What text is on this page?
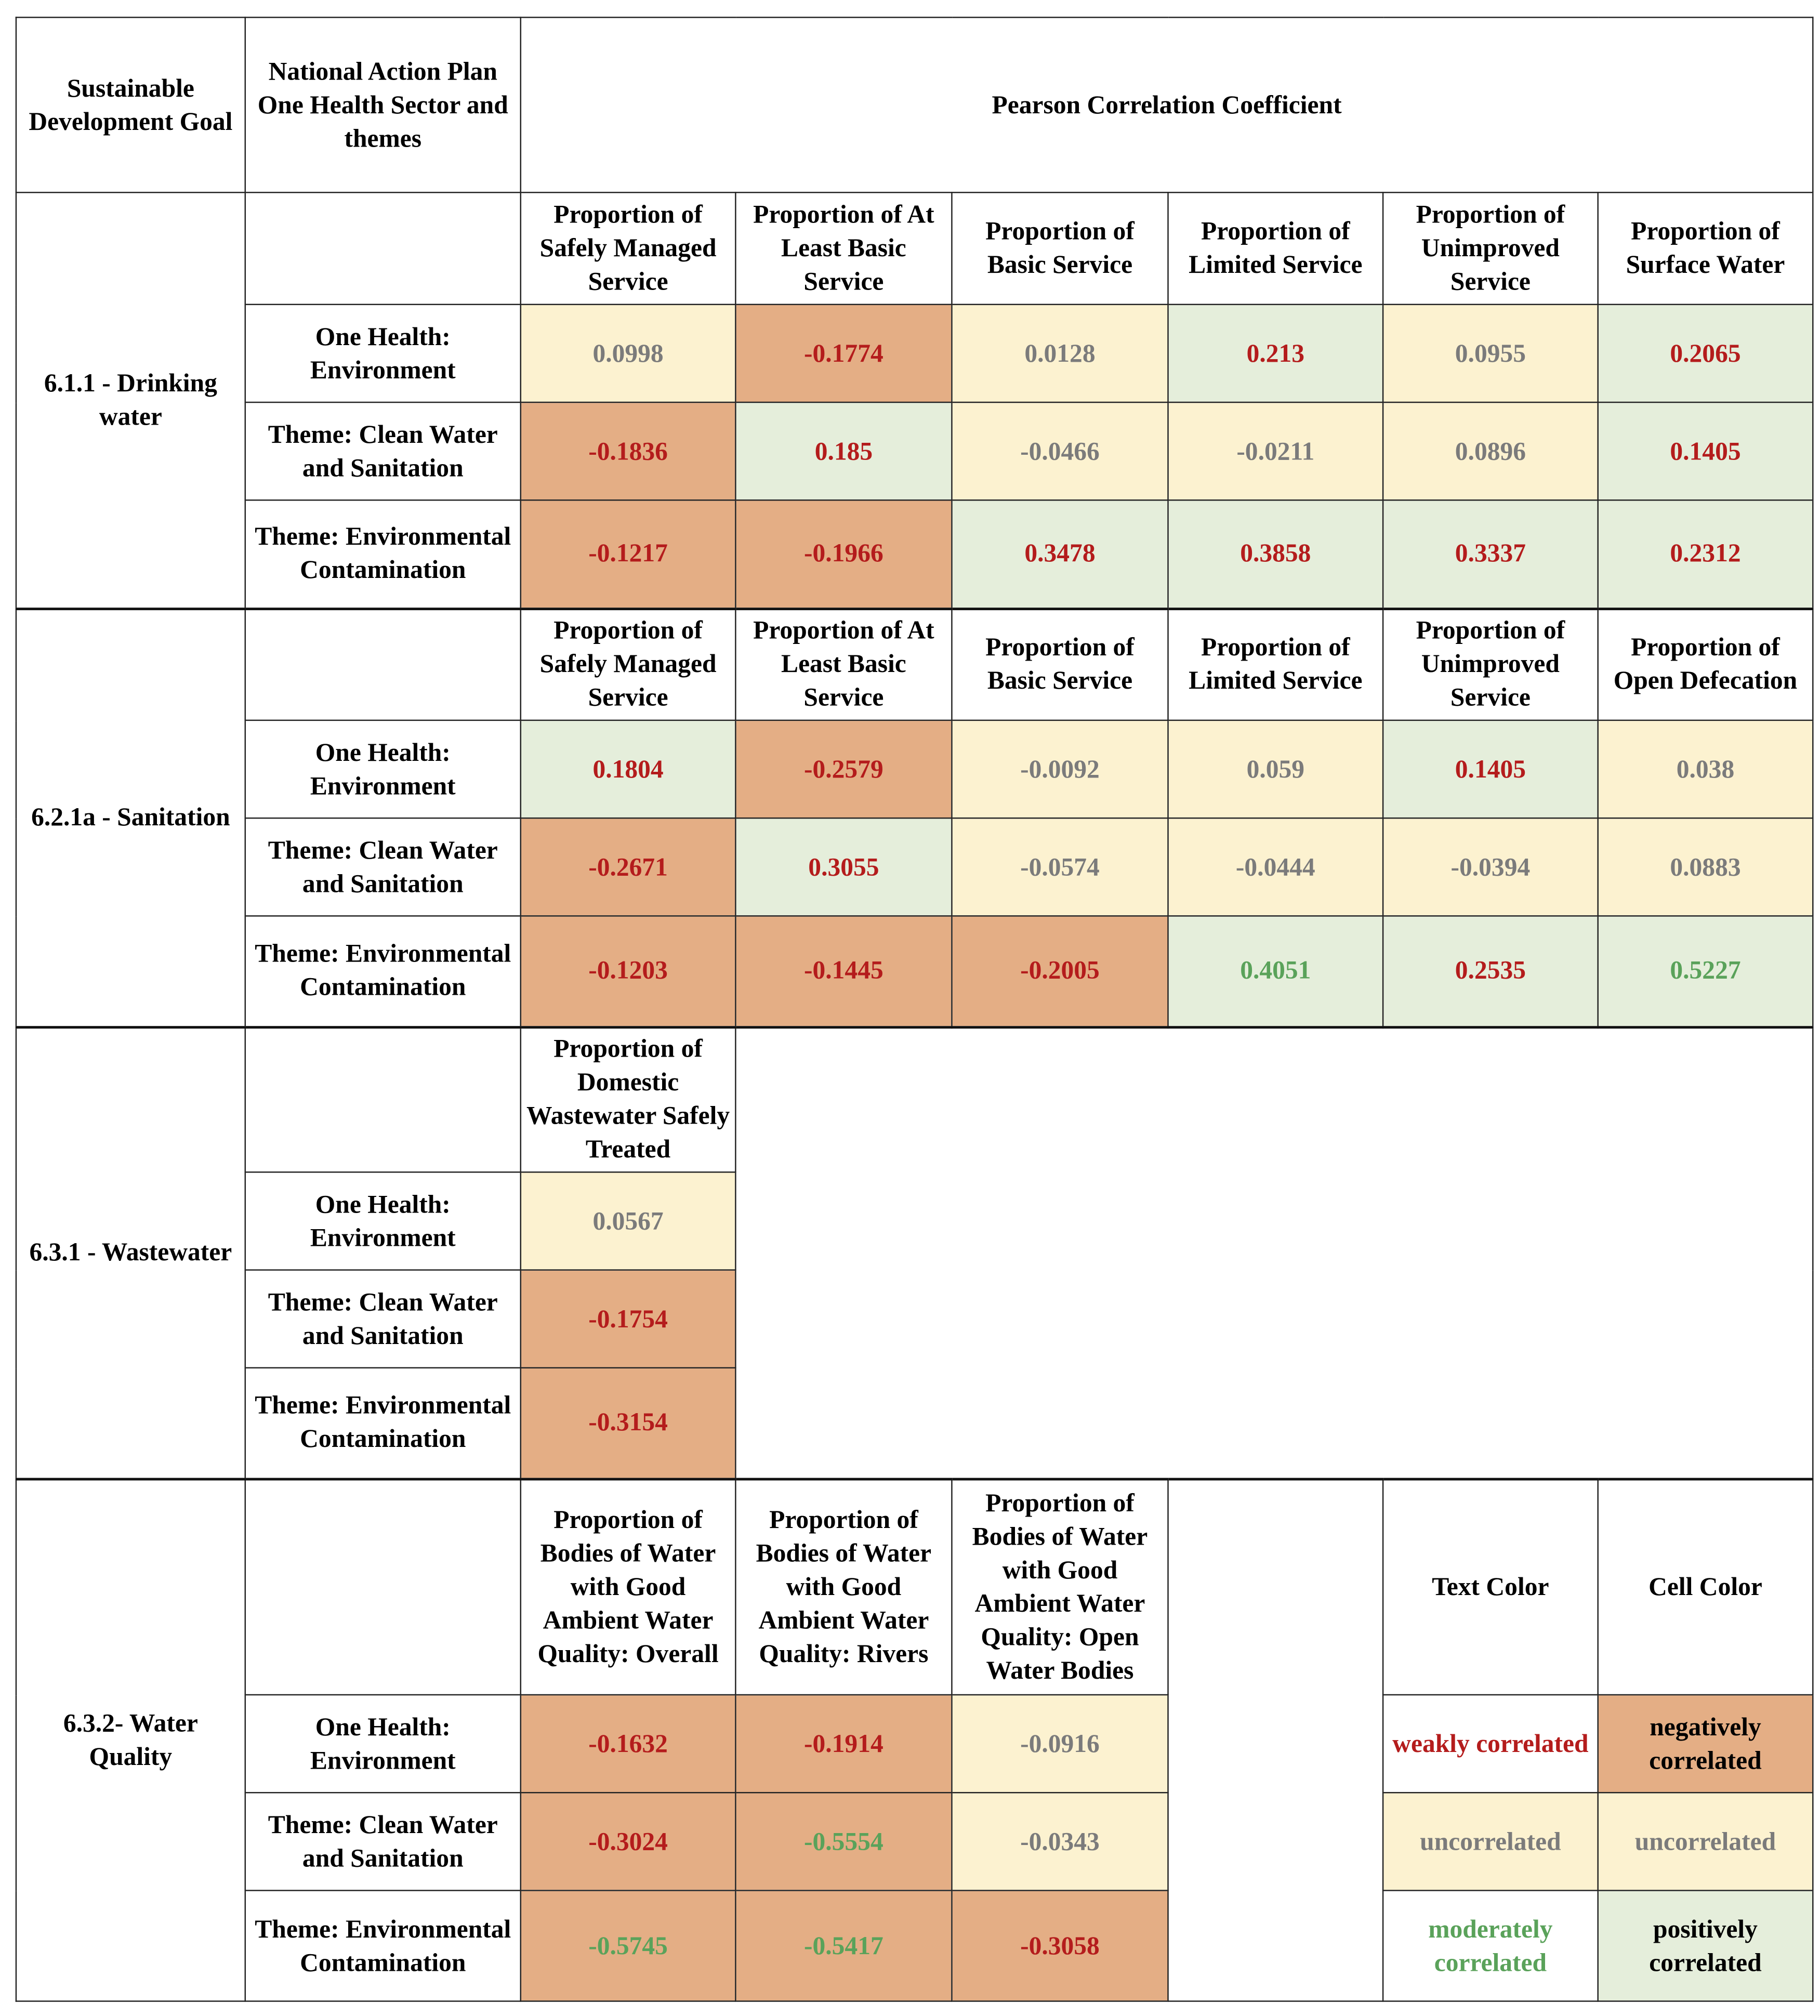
Sustainable Development Goal	National Action Plan One Health Sector and themes	Pearson Correlation Coefficient					
6.1.1 - Drinking water		Proportion of Safely Managed Service	Proportion of At Least Basic Service	Proportion of Basic Service	Proportion of Limited Service	Proportion of Unimproved Service	Proportion of Surface Water
	One Health: Environment	0.0998	-0.1774	0.0128	0.213	0.0955	0.2065
	Theme: Clean Water and Sanitation	-0.1836	0.185	-0.0466	-0.0211	0.0896	0.1405
	Theme: Environmental Contamination	-0.1217	-0.1966	0.3478	0.3858	0.3337	0.2312
6.2.1a - Sanitation		Proportion of Safely Managed Service	Proportion of At Least Basic Service	Proportion of Basic Service	Proportion of Limited Service	Proportion of Unimproved Service	Proportion of Open Defecation
	One Health: Environment	0.1804	-0.2579	-0.0092	0.059	0.1405	0.038
	Theme: Clean Water and Sanitation	-0.2671	0.3055	-0.0574	-0.0444	-0.0394	0.0883
	Theme: Environmental Contamination	-0.1203	-0.1445	-0.2005	0.4051	0.2535	0.5227
6.3.1 - Wastewater		Proportion of Domestic Wastewater Safely Treated					
	One Health: Environment	0.0567					
	Theme: Clean Water and Sanitation	-0.1754					
	Theme: Environmental Contamination	-0.3154					
6.3.2- Water Quality		Proportion of Bodies of Water with Good Ambient Water Quality: Overall	Proportion of Bodies of Water with Good Ambient Water Quality: Rivers	Proportion of Bodies of Water with Good Ambient Water Quality: Open Water Bodies		Text Color	Cell Color
	One Health: Environment	-0.1632	-0.1914	-0.0916		weakly correlated	negatively correlated
	Theme: Clean Water and Sanitation	-0.3024	-0.5554	-0.0343		uncorrelated	uncorrelated
	Theme: Environmental Contamination	-0.5745	-0.5417	-0.3058		moderately correlated	positively correlated
